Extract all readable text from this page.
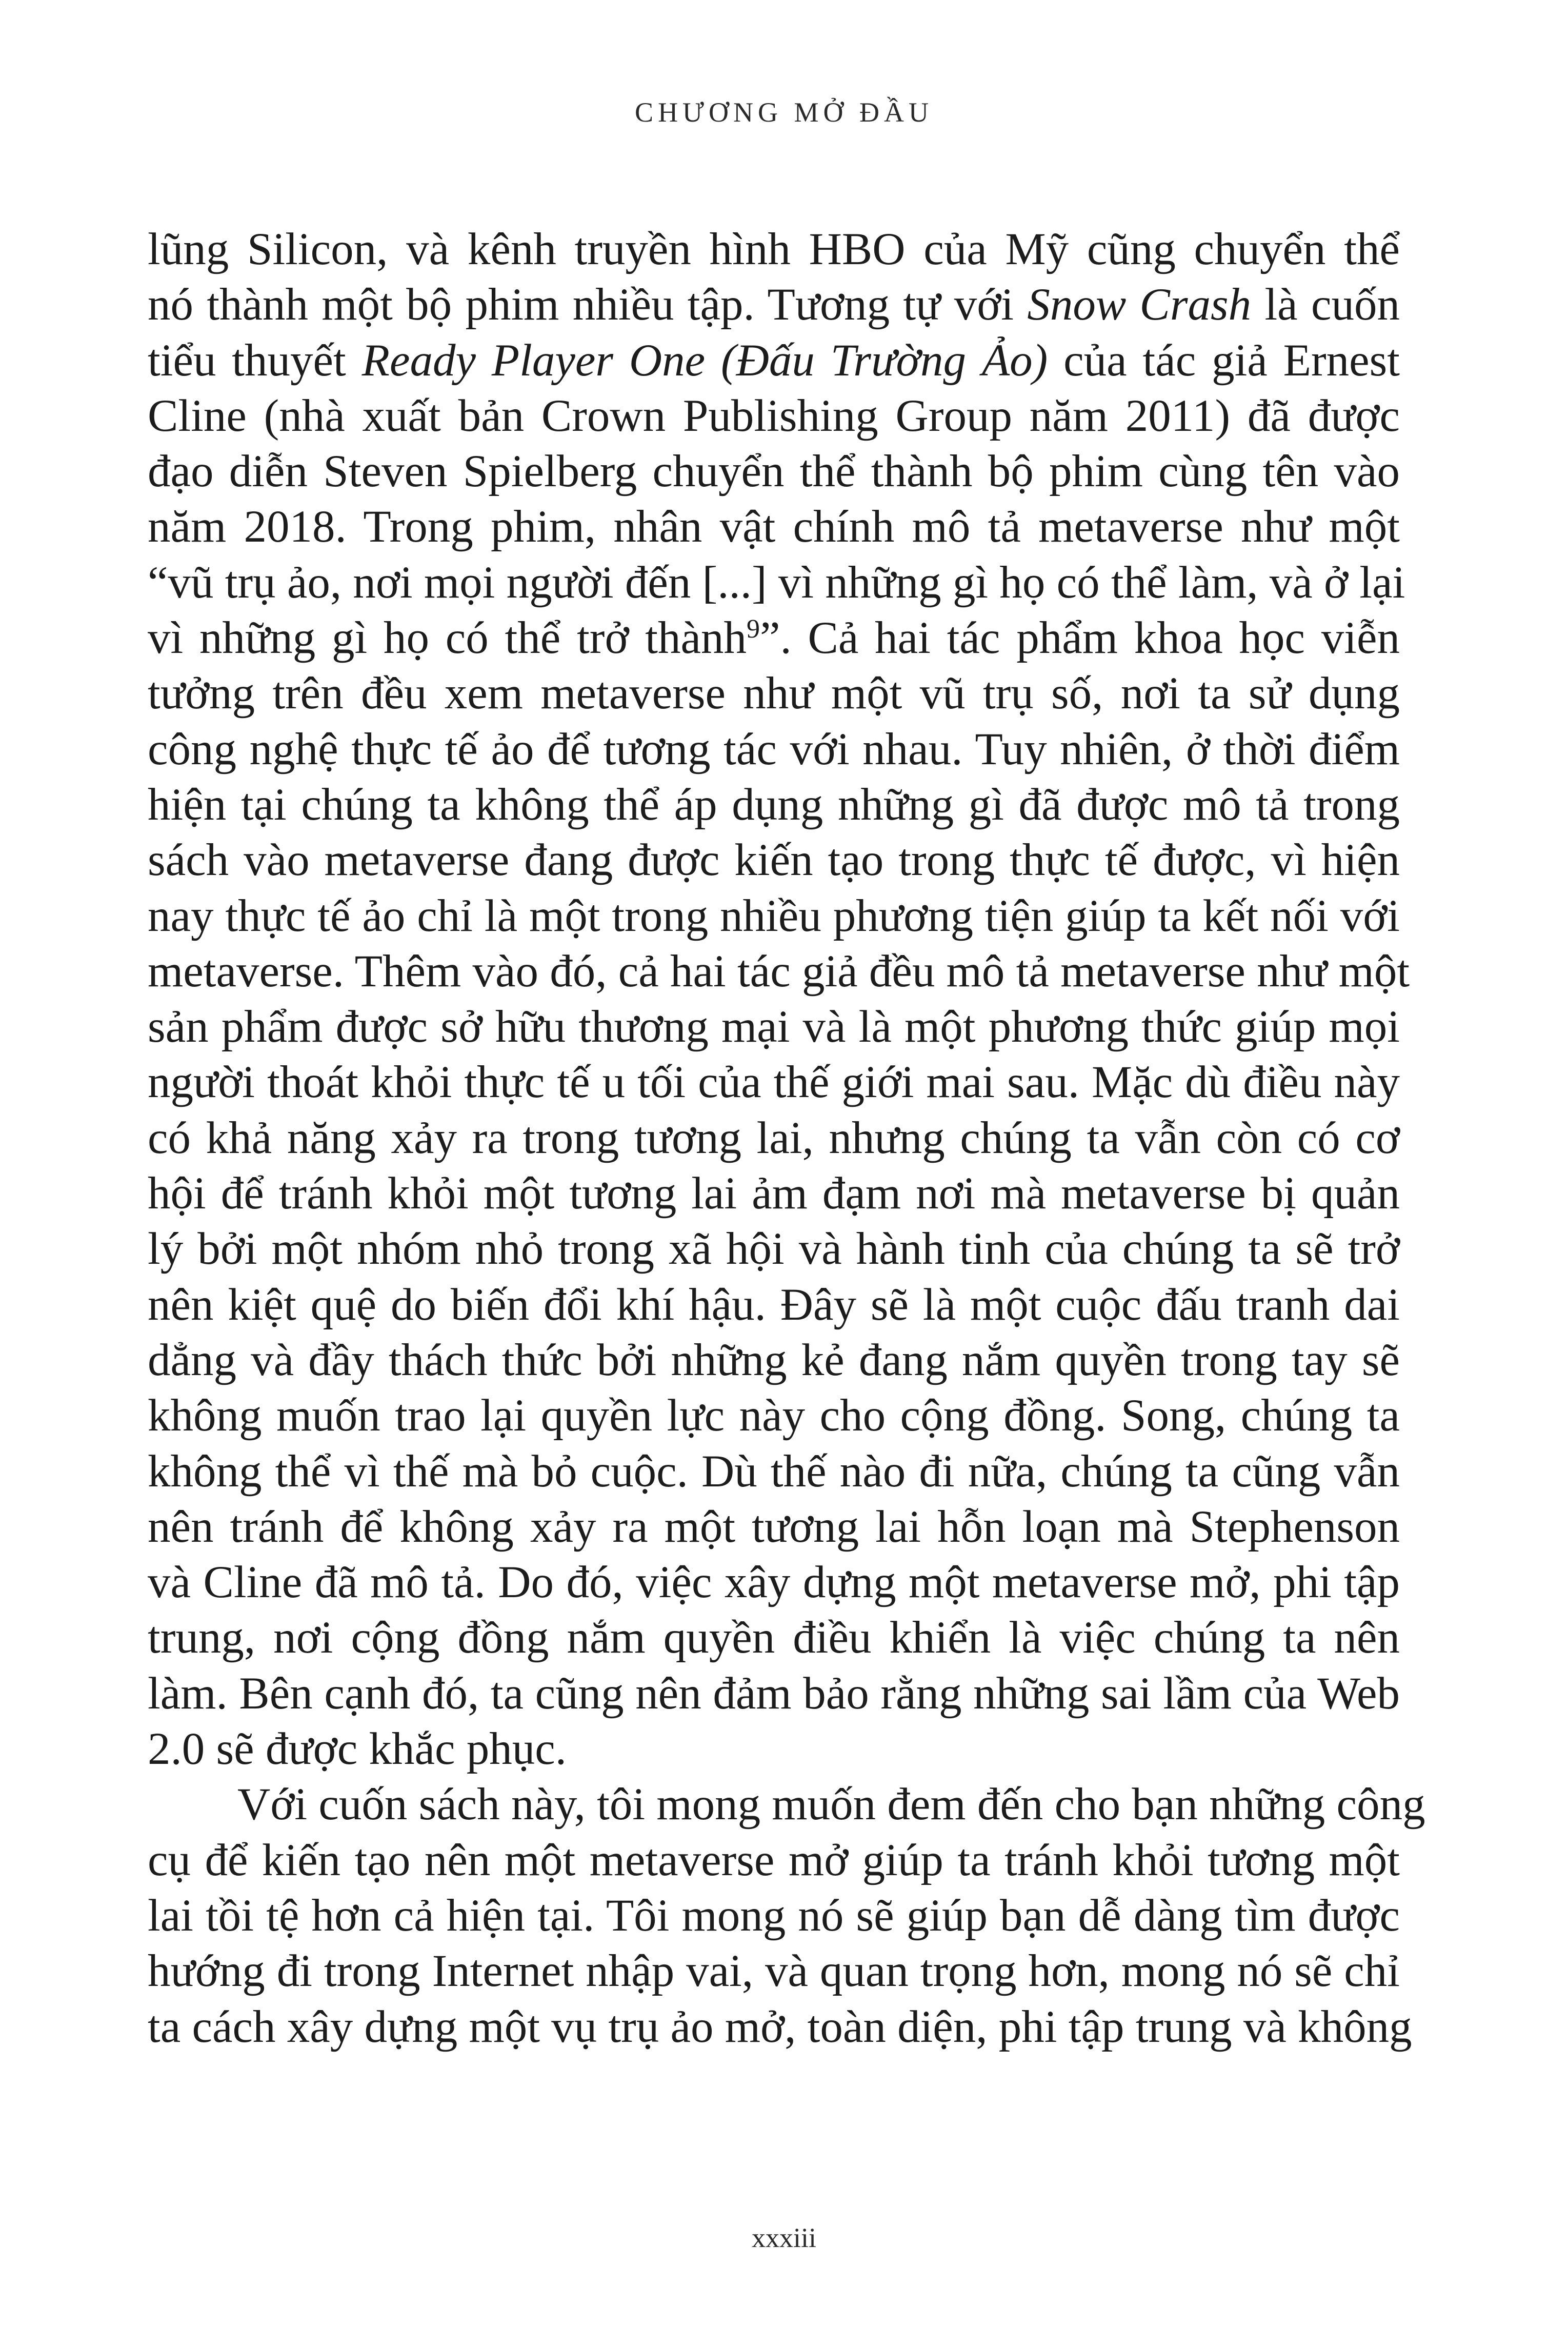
CHƯƠNG MỞ ĐẦU
lũng Silicon, và kênh truyền hình HBO của Mỹ cũng chuyển thể
nó thành một bộ phim nhiều tập. Tương tự với Snow Crash là cuốn
tiểu thuyết Ready Player One (Đấu Trường Ảo) của tác giả Ernest
Cline (nhà xuất bản Crown Publishing Group năm 2011) đã được
đạo diễn Steven Spielberg chuyển thể thành bộ phim cùng tên vào
năm 2018. Trong phim, nhân vật chính mô tả metaverse như một
“vũ trụ ảo, nơi mọi người đến [...] vì những gì họ có thể làm, và ở lại
vì những gì họ có thể trở thành$^9$”. Cả hai tác phẩm khoa học viễn
tưởng trên đều xem metaverse như một vũ trụ số, nơi ta sử dụng
công nghệ thực tế ảo để tương tác với nhau. Tuy nhiên, ở thời điểm
hiện tại chúng ta không thể áp dụng những gì đã được mô tả trong
sách vào metaverse đang được kiến tạo trong thực tế được, vì hiện
nay thực tế ảo chỉ là một trong nhiều phương tiện giúp ta kết nối với
metaverse. Thêm vào đó, cả hai tác giả đều mô tả metaverse như một
sản phẩm được sở hữu thương mại và là một phương thức giúp mọi
người thoát khỏi thực tế u tối của thế giới mai sau. Mặc dù điều này
có khả năng xảy ra trong tương lai, nhưng chúng ta vẫn còn có cơ
hội để tránh khỏi một tương lai ảm đạm nơi mà metaverse bị quản
lý bởi một nhóm nhỏ trong xã hội và hành tinh của chúng ta sẽ trở
nên kiệt quệ do biến đổi khí hậu. Đây sẽ là một cuộc đấu tranh dai
dẳng và đầy thách thức bởi những kẻ đang nắm quyền trong tay sẽ
không muốn trao lại quyền lực này cho cộng đồng. Song, chúng ta
không thể vì thế mà bỏ cuộc. Dù thế nào đi nữa, chúng ta cũng vẫn
nên tránh để không xảy ra một tương lai hỗn loạn mà Stephenson
và Cline đã mô tả. Do đó, việc xây dựng một metaverse mở, phi tập
trung, nơi cộng đồng nắm quyền điều khiển là việc chúng ta nên
làm. Bên cạnh đó, ta cũng nên đảm bảo rằng những sai lầm của Web
2.0 sẽ được khắc phục.
Với cuốn sách này, tôi mong muốn đem đến cho bạn những công
cụ để kiến tạo nên một metaverse mở giúp ta tránh khỏi tương một
lai tồi tệ hơn cả hiện tại. Tôi mong nó sẽ giúp bạn dễ dàng tìm được
hướng đi trong Internet nhập vai, và quan trọng hơn, mong nó sẽ chỉ
ta cách xây dựng một vụ trụ ảo mở, toàn diện, phi tập trung và không
xxxiii
